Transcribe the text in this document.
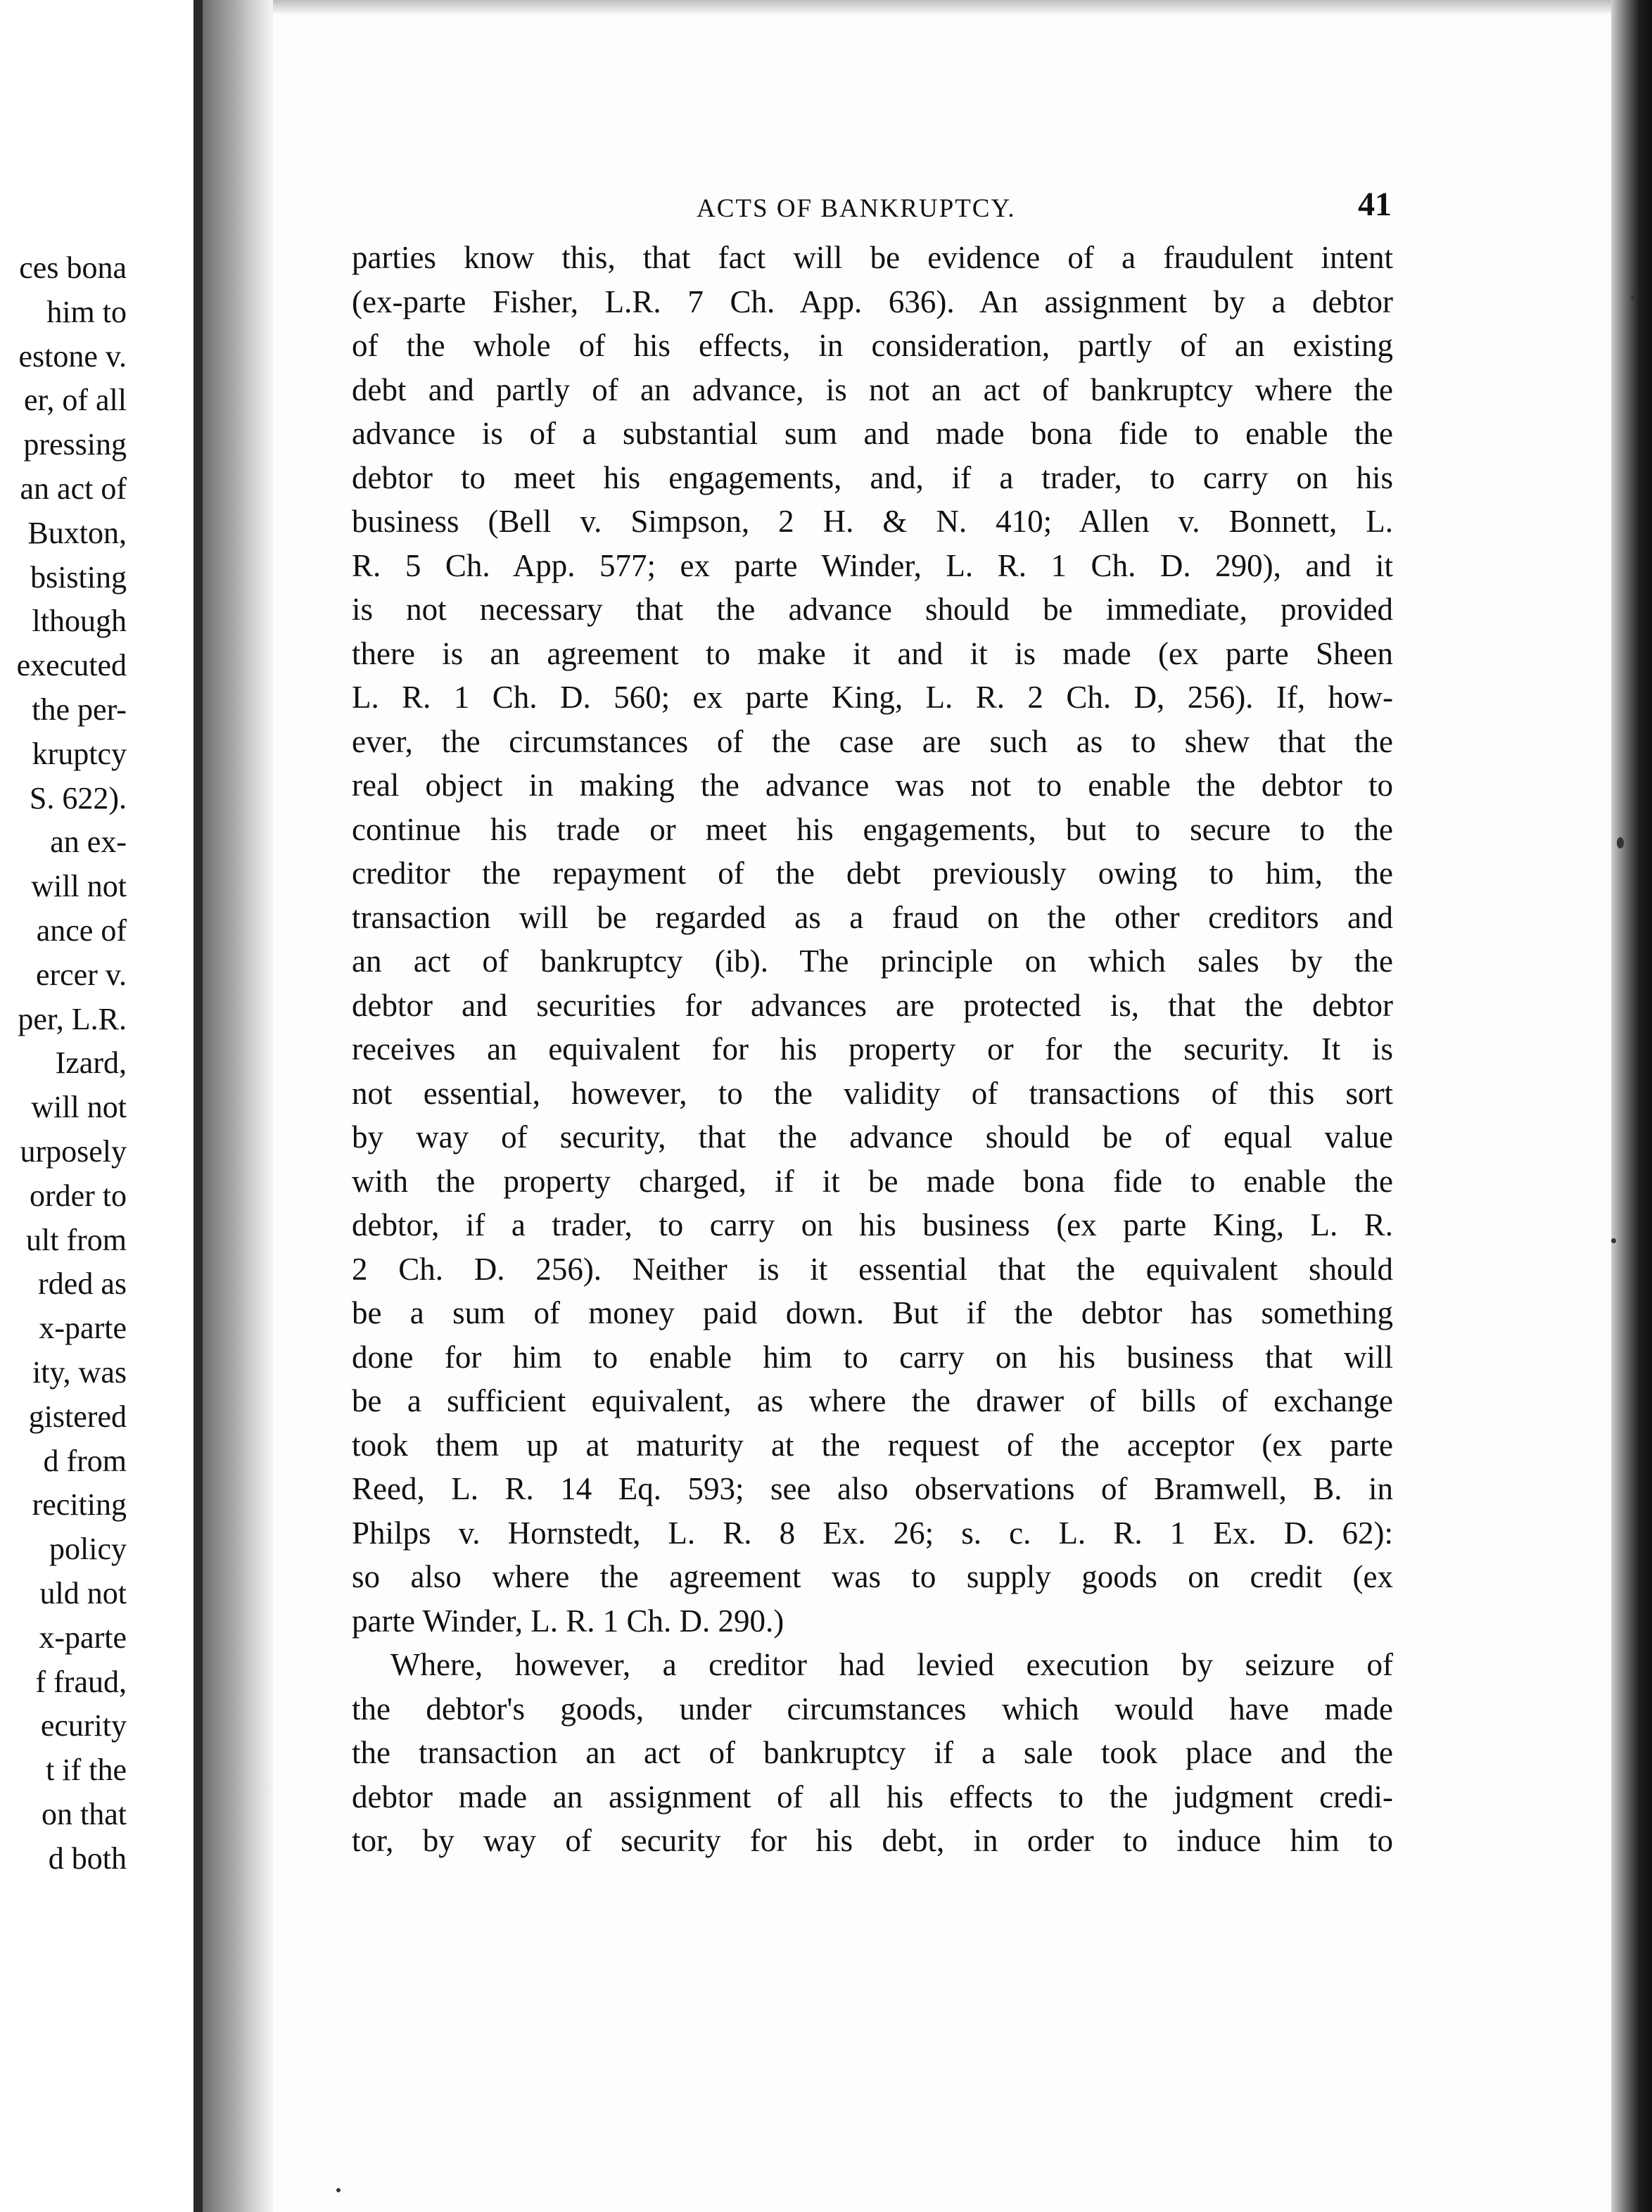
ces bona
him to
estone v.
er, of all
pressing
an act of
Buxton,
bsisting
lthough
executed
the per-
kruptcy
S. 622).
an ex-
will not
ance of
ercer v.
per, L.R.
Izard,
will not
urposely
order to
ult from
rded as
x-parte
ity, was
gistered
d from
reciting
policy
uld not
x-parte
f fraud,
ecurity
t if the
on that
d both
ACTS OF BANKRUPTCY.	41
parties know this, that fact will be evidence of a fraudulent intent
(ex-parte Fisher, L.R. 7 Ch. App. 636). An assignment by a debtor
of the whole of his effects, in consideration, partly of an existing
debt and partly of an advance, is not an act of bankruptcy where the
advance is of a substantial sum and made bona fide to enable the
debtor to meet his engagements, and, if a trader, to carry on his
business (Bell v. Simpson, 2 H. & N. 410; Allen v. Bonnett, L.
R. 5 Ch. App. 577; ex parte Winder, L. R. 1 Ch. D. 290), and it
is not necessary that the advance should be immediate, provided
there is an agreement to make it and it is made (ex parte Sheen
L. R. 1 Ch. D. 560; ex parte King, L. R. 2 Ch. D, 256). If, how-
ever, the circumstances of the case are such as to shew that the
real object in making the advance was not to enable the debtor to
continue his trade or meet his engagements, but to secure to the
creditor the repayment of the debt previously owing to him, the
transaction will be regarded as a fraud on the other creditors and
an act of bankruptcy (ib). The principle on which sales by the
debtor and securities for advances are protected is, that the debtor
receives an equivalent for his property or for the security. It is
not essential, however, to the validity of transactions of this sort
by way of security, that the advance should be of equal value
with the property charged, if it be made bona fide to enable the
debtor, if a trader, to carry on his business (ex parte King, L. R.
2 Ch. D. 256). Neither is it essential that the equivalent should
be a sum of money paid down. But if the debtor has something
done for him to enable him to carry on his business that will
be a sufficient equivalent, as where the drawer of bills of exchange
took them up at maturity at the request of the acceptor (ex parte
Reed, L. R. 14 Eq. 593; see also observations of Bramwell, B. in
Philps v. Hornstedt, L. R. 8 Ex. 26; s. c. L. R. 1 Ex. D. 62):
so also where the agreement was to supply goods on credit (ex
parte Winder, L. R. 1 Ch. D. 290.)
Where, however, a creditor had levied execution by seizure of
the debtor's goods, under circumstances which would have made
the transaction an act of bankruptcy if a sale took place and the
debtor made an assignment of all his effects to the judgment credi-
tor, by way of security for his debt, in order to induce him to
